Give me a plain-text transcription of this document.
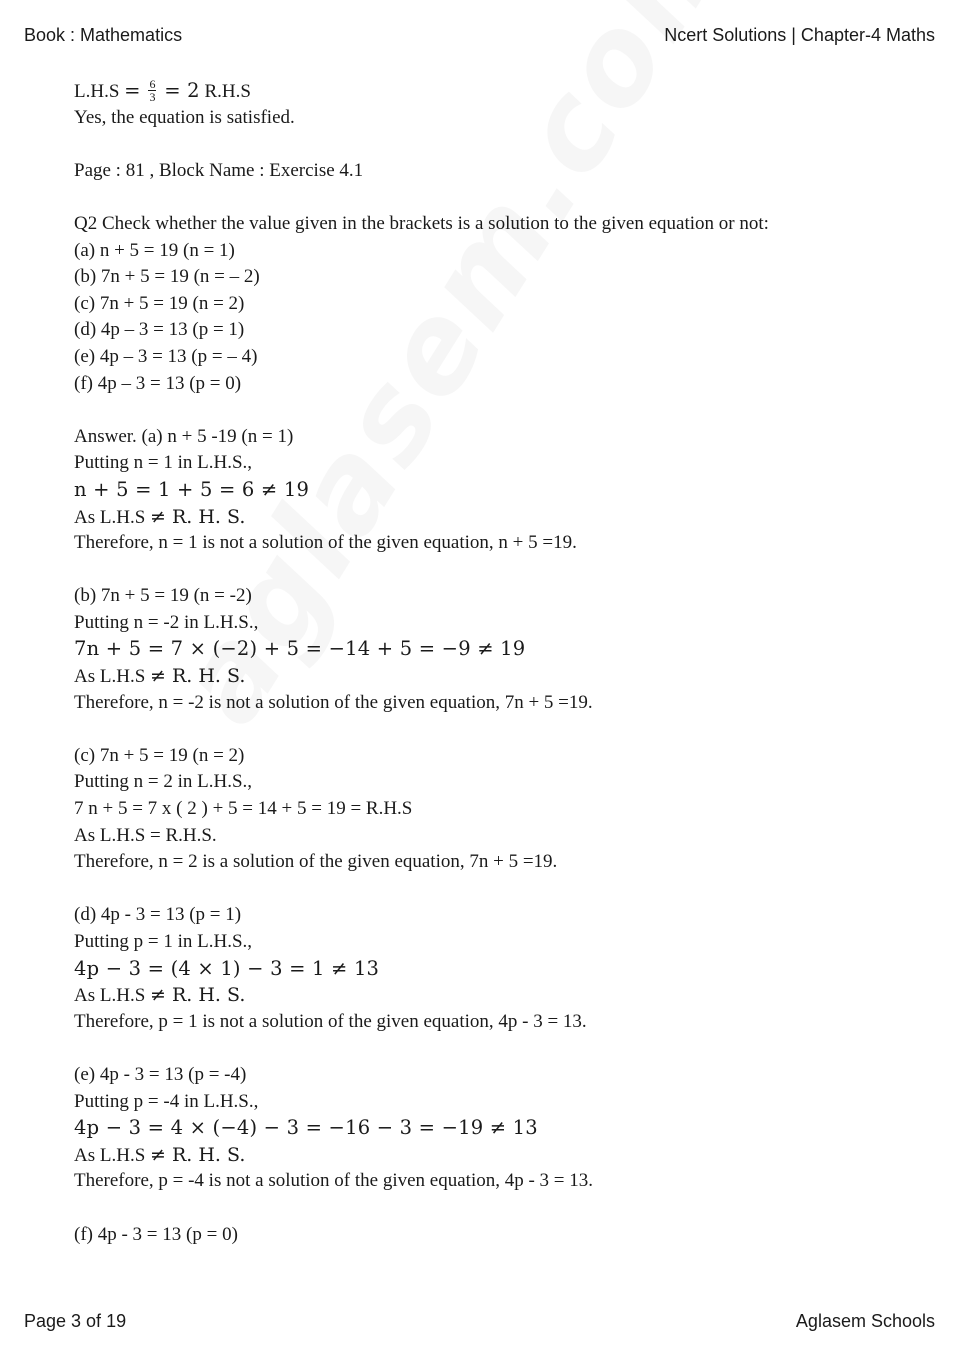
Book : Mathematics	Ncert Solutions | Chapter-4 Maths
$L.H.S = \frac{6}{3} = 2$ R.H.S
Yes, the equation is satisfied.
Page : 81 , Block Name : Exercise 4.1
Q2 Check whether the value given in the brackets is a solution to the given equation or not:
(a) n + 5 = 19 (n = 1)
(b) 7n + 5 = 19 (n = – 2)
(c) 7n + 5 = 19 (n = 2)
(d) 4p – 3 = 13 (p = 1)
(e) 4p – 3 = 13 (p = – 4)
(f) 4p – 3 = 13 (p = 0)
Answer. (a) n + 5 -19 (n = 1)
Putting n = 1 in L.H.S.,
n + 5 = 1 + 5 = 6 ≠ 19
As L.H.S ≠ R. H. S.
Therefore, n = 1 is not a solution of the given equation, n + 5 =19.
(b) 7n + 5 = 19 (n = -2)
Putting n = -2 in L.H.S.,
7n + 5 = 7 × (−2) + 5 = −14 + 5 = −9 ≠ 19
As L.H.S ≠ R. H. S.
Therefore, n = -2 is not a solution of the given equation, 7n + 5 =19.
(c) 7n + 5 = 19 (n = 2)
Putting n = 2 in L.H.S.,
7 n + 5 = 7 x ( 2 ) + 5 = 14 + 5 = 19 = R.H.S
As L.H.S = R.H.S.
Therefore, n = 2 is a solution of the given equation, 7n + 5 =19.
(d) 4p - 3 = 13 (p = 1)
Putting p = 1 in L.H.S.,
4p − 3 = (4 × 1) − 3 = 1 ≠ 13
As L.H.S ≠ R. H. S.
Therefore, p = 1 is not a solution of the given equation, 4p - 3 = 13.
(e) 4p - 3 = 13 (p = -4)
Putting p = -4 in L.H.S.,
4p − 3 = 4 × (−4) − 3 = −16 − 3 = −19 ≠ 13
As L.H.S ≠ R. H. S.
Therefore, p = -4 is not a solution of the given equation, 4p - 3 = 13.
(f) 4p - 3 = 13 (p = 0)
Page 3 of 19	Aglasem Schools
